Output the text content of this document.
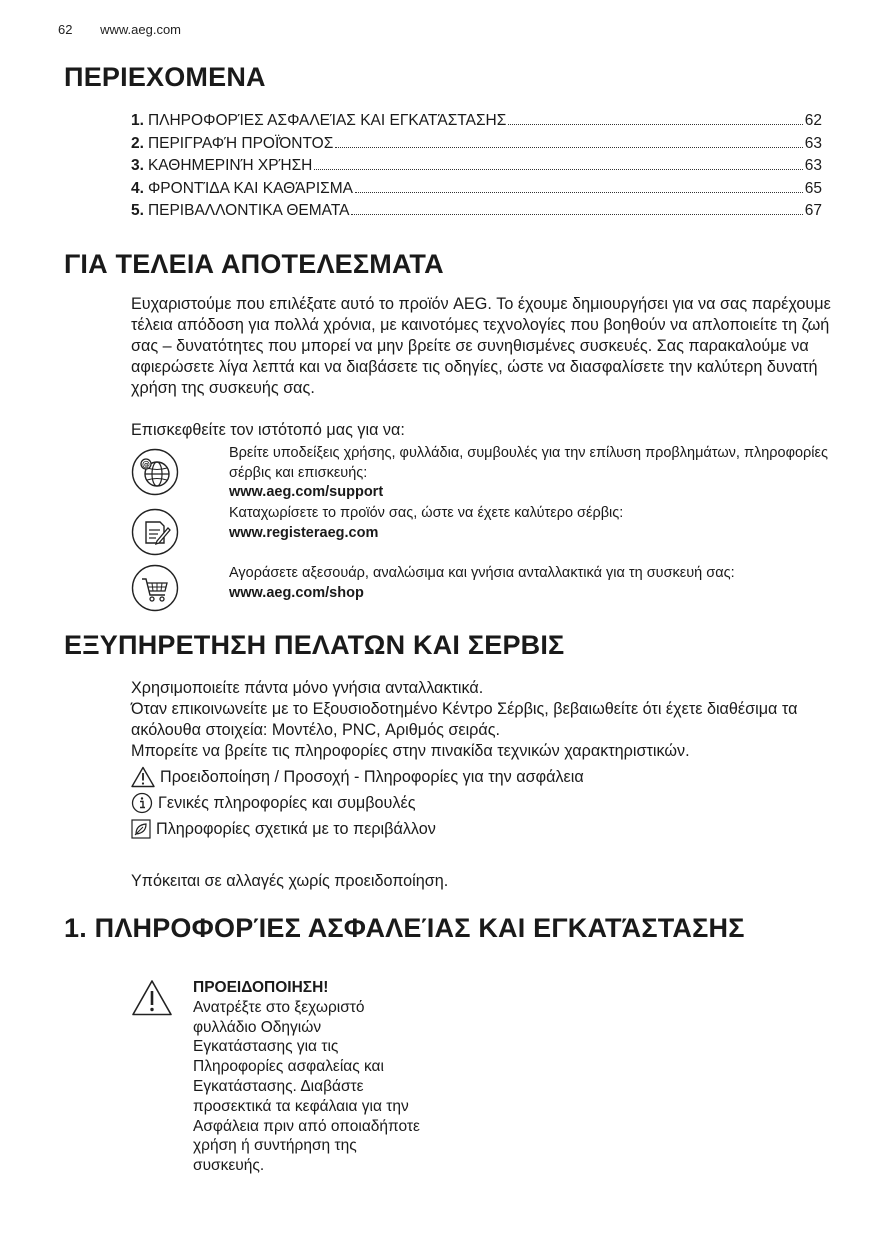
62 www.aeg.com
ΠΕΡΙΕΧΟΜΕΝΑ
1. ΠΛΗΡΟΦΟΡΊΕΣ ΑΣΦΑΛΕΊΑΣ ΚΑΙ ΕΓΚΑΤΆΣΤΑΣΗΣ	62
2. ΠΕΡΙΓΡΑΦΉ ΠΡΟΪΌΝΤΟΣ	63
3. ΚΑΘΗΜΕΡΙΝΉ ΧΡΉΣΗ	63
4. ΦΡΟΝΤΊΔΑ ΚΑΙ ΚΑΘΆΡΙΣΜΑ	65
5. ΠΕΡΙΒΑΛΛΟΝΤΙΚΑ ΘΕΜΑΤΑ	67
ΓΙΑ ΤΕΛΕΙΑ ΑΠΟΤΕΛΕΣΜΑΤΑ

Ευχαριστούμε που επιλέξατε αυτό το προϊόν AEG. Το έχουμε δημιουργήσει για να σας παρέχουμε τέλεια απόδοση για πολλά χρόνια, με καινοτόμες τεχνολογίες που βοηθούν να απλοποιείτε τη ζωή σας – δυνατότητες που μπορεί να μην βρείτε σε συνηθισμένες συσκευές. Σας παρακαλούμε να αφιερώσετε λίγα λεπτά και να διαβάσετε τις οδηγίες, ώστε να διασφαλίσετε την καλύτερη δυνατή χρήση της συσκευής σας.

Επισκεφθείτε τον ιστότοπό μας για να:

@
Βρείτε υποδείξεις χρήσης, φυλλάδια, συμβουλές για την επίλυση προβλημάτων, πληροφορίες σέρβις και επισκευής:
www.aeg.com/support
Καταχωρίσετε το προϊόν σας, ώστε να έχετε καλύτερο σέρβις:
www.registeraeg.com
Αγοράσετε αξεσουάρ, αναλώσιμα και γνήσια ανταλλακτικά για τη συσκευή σας:
www.aeg.com/shop
ΕΞΥΠΗΡΕΤΗΣΗ ΠΕΛΑΤΩΝ ΚΑΙ ΣΕΡΒΙΣ

Χρησιμοποιείτε πάντα μόνο γνήσια ανταλλακτικά.

Όταν επικοινωνείτε με το Εξουσιοδοτημένο Κέντρο Σέρβις, βεβαιωθείτε ότι έχετε διαθέσιμα τα ακόλουθα στοιχεία: Μοντέλο, PNC, Αριθμός σειράς.

Μπορείτε να βρείτε τις πληροφορίες στην πινακίδα τεχνικών χαρακτηριστικών.

Προειδοποίηση / Προσοχή - Πληροφορίες για την ασφάλεια
Γενικές πληροφορίες και συμβουλές
Πληροφορίες σχετικά με το περιβάλλον

Υπόκειται σε αλλαγές χωρίς προειδοποίηση.

1. ΠΛΗΡΟΦΟΡΊΕΣ ΑΣΦΑΛΕΊΑΣ ΚΑΙ ΕΓΚΑΤΆΣΤΑΣΗΣ
ΠΡΟΕΙΔΟΠΟΙΗΣΗ!
Ανατρέξτε στο ξεχωριστό φυλλάδιο Οδηγιών Εγκατάστασης για τις Πληροφορίες ασφαλείας και Εγκατάστασης. Διαβάστε προσεκτικά τα κεφάλαια για την Ασφάλεια πριν από οποιαδήποτε χρήση ή συντήρηση της συσκευής.
